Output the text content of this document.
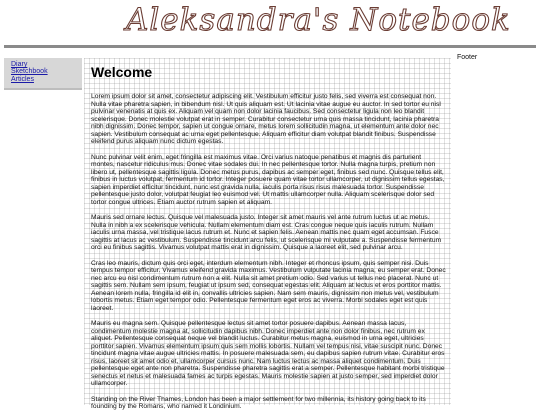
Aleksandra's Notebook
Diary
Sketchbook
Articles	Welcome

Lorem ipsum dolor sit amet, consectetur adipiscing elit. Vestibulum efficitur justo felis, sed viverra est consequat non. Nulla vitae pharetra sapien, in bibendum nisl. Ut quis aliquam est. Ut lacinia vitae augue eu auctor. In sed tortor eu nisl pulvinar venenatis at quis ex. Aliquam vel quam non dolor lacinia faucibus. Sed consectetur ligula non leo blandit scelerisque. Donec molestie volutpat erat in semper. Curabitur consectetur urna quis massa tincidunt, lacinia pharetra nibh dignissim. Donec tempor, sapien ut congue ornare, metus lorem sollicitudin magna, ut elementum ante dolor nec sapien. Vestibulum consequat ac urna eget pellentesque. Aliquam efficitur diam volutpat blandit finibus. Suspendisse eleifend purus aliquam nunc dictum egestas.

Nunc pulvinar velit enim, eget fringilla est maximus vitae. Orci varius natoque penatibus et magnis dis parturient montes, nascetur ridiculus mus. Donec vitae sodales dui. In nec pellentesque tortor. Nulla magna turpis, pretium non libero ut, pellentesque sagittis ligula. Donec metus purus, dapibus ac semper eget, finibus sed nunc. Quisque tellus elit, finibus in luctus volutpat, fermentum id tortor. Integer posuere quam vitae tortor ullamcorper, ut dignissim tellus egestas, sapien imperdiet efficitur tincidunt, nunc est gravida nulla, iaculis porta risus risus malesuada tortor. Suspendisse pellentesque justo dolor, volutpat feugiat leo euismod vel. Ut mattis ullamcorper nulla. Aliquam scelerisque dolor sed tortor congue ultrices. Etiam auctor rutrum sapien et aliquam.

Mauris sed ornare lectus. Quisque vel malesuada justo. Integer sit amet mauris vel ante rutrum luctus ut ac metus. Nulla in nibh a ex scelerisque vehicula. Nullam elementum diam est. Cras congue neque quis iaculis rutrum. Nullam iaculis urna massa, vel tristique lacus rutrum et. Nunc et sapien felis. Aenean mattis nec quam eget accumsan. Fusce sagittis at lacus ac vestibulum. Suspendisse tincidunt arcu felis, ut scelerisque mi vulputate a. Suspendisse fermentum orci eu finibus sagittis. Vivamus volutpat mattis erat in dignissim. Quisque a laoreet elit, sed pulvinar arcu.

Cras leo mauris, dictum quis orci eget, interdum elementum nibh. Integer et rhoncus ipsum, quis semper nisi. Duis tempus tempor efficitur. Vivamus eleifend gravida maximus. Vestibulum vulputate lacinia magna, eu semper erat. Donec nec arcu eu nisl condimentum rutrum non a elit. Nulla sit amet pretium odio. Sed varius ut tellus nec placerat. Nunc ut sagittis sem. Nullam sem ipsum, feugiat ut ipsum sed, consequat egestas elit. Aliquam at lectus et eros porttitor mattis. Aenean lorem nulla, fringilla id elit in, convallis ultricies sapien. Nam sem mauris, dignissim non metus vel, vestibulum lobortis metus. Etiam eget tempor odio. Pellentesque fermentum eget eros ac viverra. Morbi sodales eget est quis laoreet.

Mauris eu magna sem. Quisque pellentesque lectus sit amet tortor posuere dapibus. Aenean massa lacus, condimentum molestie magna at, sollicitudin dapibus nibh. Donec imperdiet ante non dolor finibus, nec rutrum ex aliquet. Pellentesque consequat neque vel blandit luctus. Curabitur metus magna, euismod in urna eget, ultricies porttitor sapien. Vivamus elementum ipsum quis sem mollis lobortis. Nullam vel tempus nisi, vitae suscipit nunc. Donec tincidunt magna vitae augue ultricies mattis. In posuere malesuada sem, eu dapibus sapien rutrum vitae. Curabitur eros risus, laoreet sit amet odio et, ullamcorper cursus nunc. Nam luctus lectus ac massa aliquet condimentum. Duis pellentesque eget ante non pharetra. Suspendisse pharetra sagittis erat a semper. Pellentesque habitant morbi tristique senectus et netus et malesuada fames ac turpis egestas. Mauris molestie sapien at justo semper, sed imperdiet dolor ullamcorper.

Standing on the River Thames, London has been a major settlement for two millennia, its history going back to its founding by the Romans, who named it Londinium.

Footer
